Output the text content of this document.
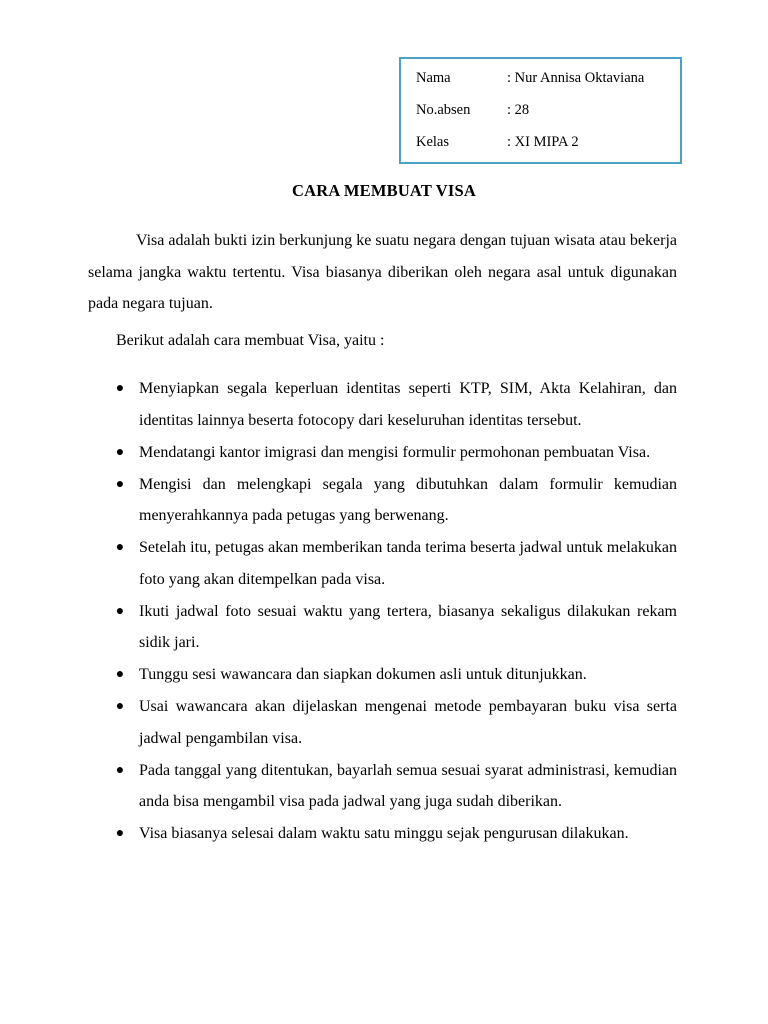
Nama	: Nur Annisa Oktaviana
No.absen	: 28
Kelas	: XI MIPA 2
CARA MEMBUAT VISA

Visa adalah bukti izin berkunjung ke suatu negara dengan tujuan wisata atau bekerja selama jangka waktu tertentu. Visa biasanya diberikan oleh negara asal untuk digunakan pada negara tujuan.

Berikut adalah cara membuat Visa, yaitu :

● Menyiapkan segala keperluan identitas seperti KTP, SIM, Akta Kelahiran, dan identitas lainnya beserta fotocopy dari keseluruhan identitas tersebut.
● Mendatangi kantor imigrasi dan mengisi formulir permohonan pembuatan Visa.
● Mengisi dan melengkapi segala yang dibutuhkan dalam formulir kemudian menyerahkannya pada petugas yang berwenang.
● Setelah itu, petugas akan memberikan tanda terima beserta jadwal untuk melakukan foto yang akan ditempelkan pada visa.
● Ikuti jadwal foto sesuai waktu yang tertera, biasanya sekaligus dilakukan rekam sidik jari.
● Tunggu sesi wawancara dan siapkan dokumen asli untuk ditunjukkan.
● Usai wawancara akan dijelaskan mengenai metode pembayaran buku visa serta jadwal pengambilan visa.
● Pada tanggal yang ditentukan, bayarlah semua sesuai syarat administrasi, kemudian anda bisa mengambil visa pada jadwal yang juga sudah diberikan.
● Visa biasanya selesai dalam waktu satu minggu sejak pengurusan dilakukan.
